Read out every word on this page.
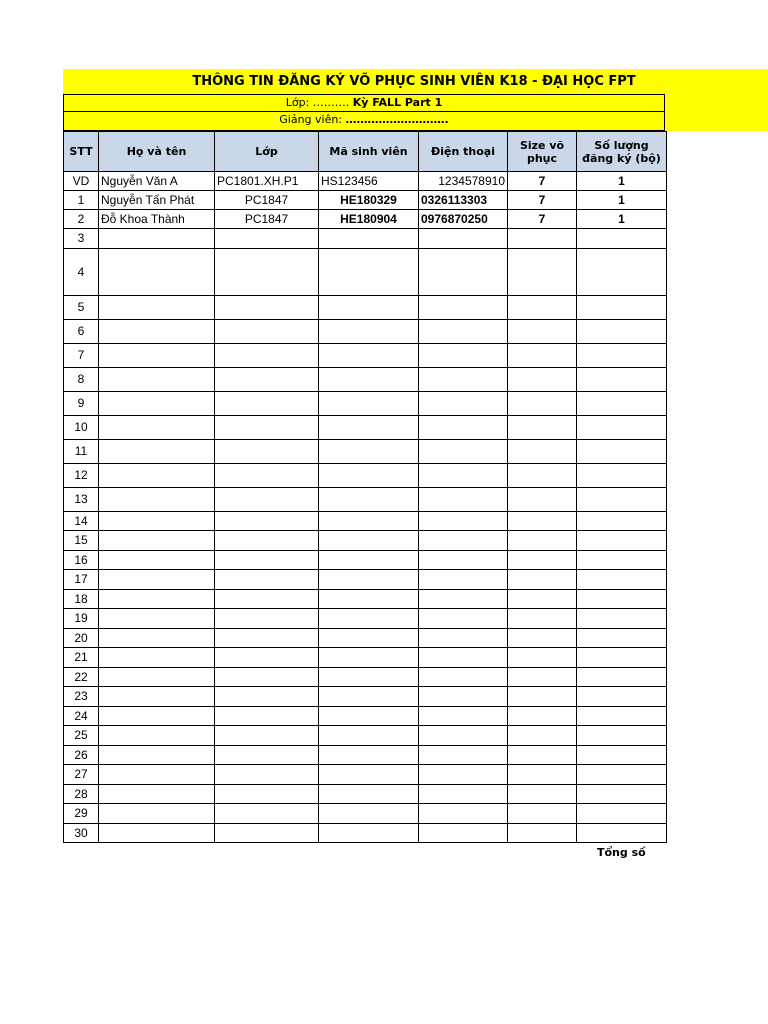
THÔNG TIN ĐĂNG KÝ VÕ PHỤC SINH VIÊN K18 - ĐẠI HỌC FPT
Lớp: ………. Kỳ FALL Part 1
Giảng viên: ……………………….
STT	Họ và tên	Lớp	Mã sinh viên	Điện thoại	Size võ phục	Số lượng đăng ký (bộ)
VD	Nguyễn Văn A	PC1801.XH.P1	HS123456	1234578910	7	1
1	Nguyễn Tấn Phát	PC1847	HE180329	0326113303	7	1
2	Đỗ Khoa Thành	PC1847	HE180904	0976870250	7	1
3						
4						
5						
6						
7						
8						
9						
10						
11						
12						
13						
14						
15						
16						
17						
18						
19						
20						
21						
22						
23						
24						
25						
26						
27						
28						
29						
30						
Tổng số
